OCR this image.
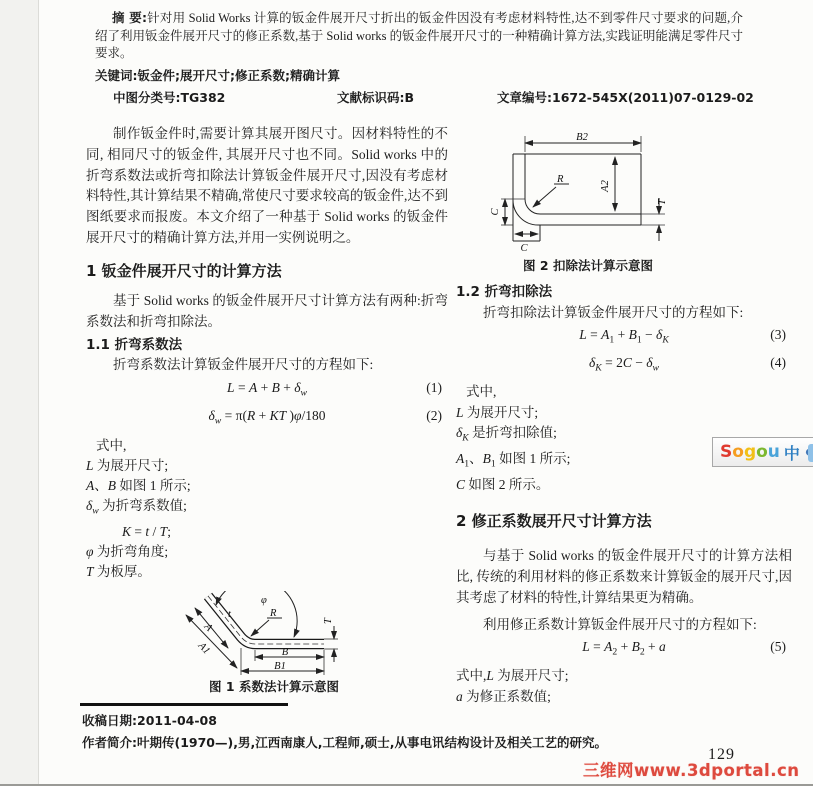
摘 要:针对用 Solid Works 计算的钣金件展开尺寸折出的钣金件因没有考虑材料特性,达不到零件尺寸要求的问题,介绍了利用钣金件展开尺寸的修正系数,基于 Solid works 的钣金件展开尺寸的一种精确计算方法,实践证明能满足零件尺寸要求。

关键词:钣金件;展开尺寸;修正系数;精确计算
中图分类号:TG382	文献标识码:B	文章编号:1672-545X(2011)07-0129-02

制作钣金件时,需要计算其展开图尺寸。因材料特性的不同, 相同尺寸的钣金件, 其展开尺寸也不同。Solid works 中的折弯系数法或折弯扣除法计算钣金件展开尺寸,因没有考虑材料特性,其计算结果不精确,常使尺寸要求较高的钣金件,达不到图纸要求而报废。本文介绍了一种基于 Solid works 的钣金件展开尺寸的精确计算方法,并用一实例说明之。

1 钣金件展开尺寸的计算方法

基于 Solid works 的钣金件展开尺寸计算方法有两种:折弯系数法和折弯扣除法。

1.1 折弯系数法

折弯系数法计算钣金件展开尺寸的方程如下:

$L = A + B + \delta_w$	(1)
$\delta_w = \pi(R$ + KT )φ/180	(2)
式中,
L 为展开尺寸;
A、B 如图 1 所示;
$\delta_w$ 为折弯系数值;
K = t / T;
φ 为折弯角度;
T 为板厚。
φ
R
t
A
A1
T
B
B1
图 1 系数法计算示意图
B2
A2
R
C
C
T
图 2 扣除法计算示意图
1.2 折弯扣除法

折弯扣除法计算钣金件展开尺寸的方程如下:

$L = A_1 + B_1 - \delta_K$	(3)
$\delta_K = 2C - \delta_w$	(4)
式中,
L 为展开尺寸;
$\delta_K$ 是折弯扣除值;
$A_1$、$B_1$ 如图 1 所示;
C 如图 2 所示。
2 修正系数展开尺寸计算方法

与基于 Solid works 的钣金件展开尺寸的计算方法相比, 传统的利用材料的修正系数来计算钣金的展开尺寸,因其考虑了材料的特性,计算结果更为精确。

利用修正系数计算钣金件展开尺寸的方程如下:

$L = A_2 + B_2 + a$	(5)
式中,L 为展开尺寸;
a 为修正系数值;
S o g o u 中
收稿日期:2011-04-08
作者简介:叶期传(1970—),男,江西南康人,工程师,硕士,从事电讯结构设计及相关工艺的研究。
129
三维网www.3dportal.cn
